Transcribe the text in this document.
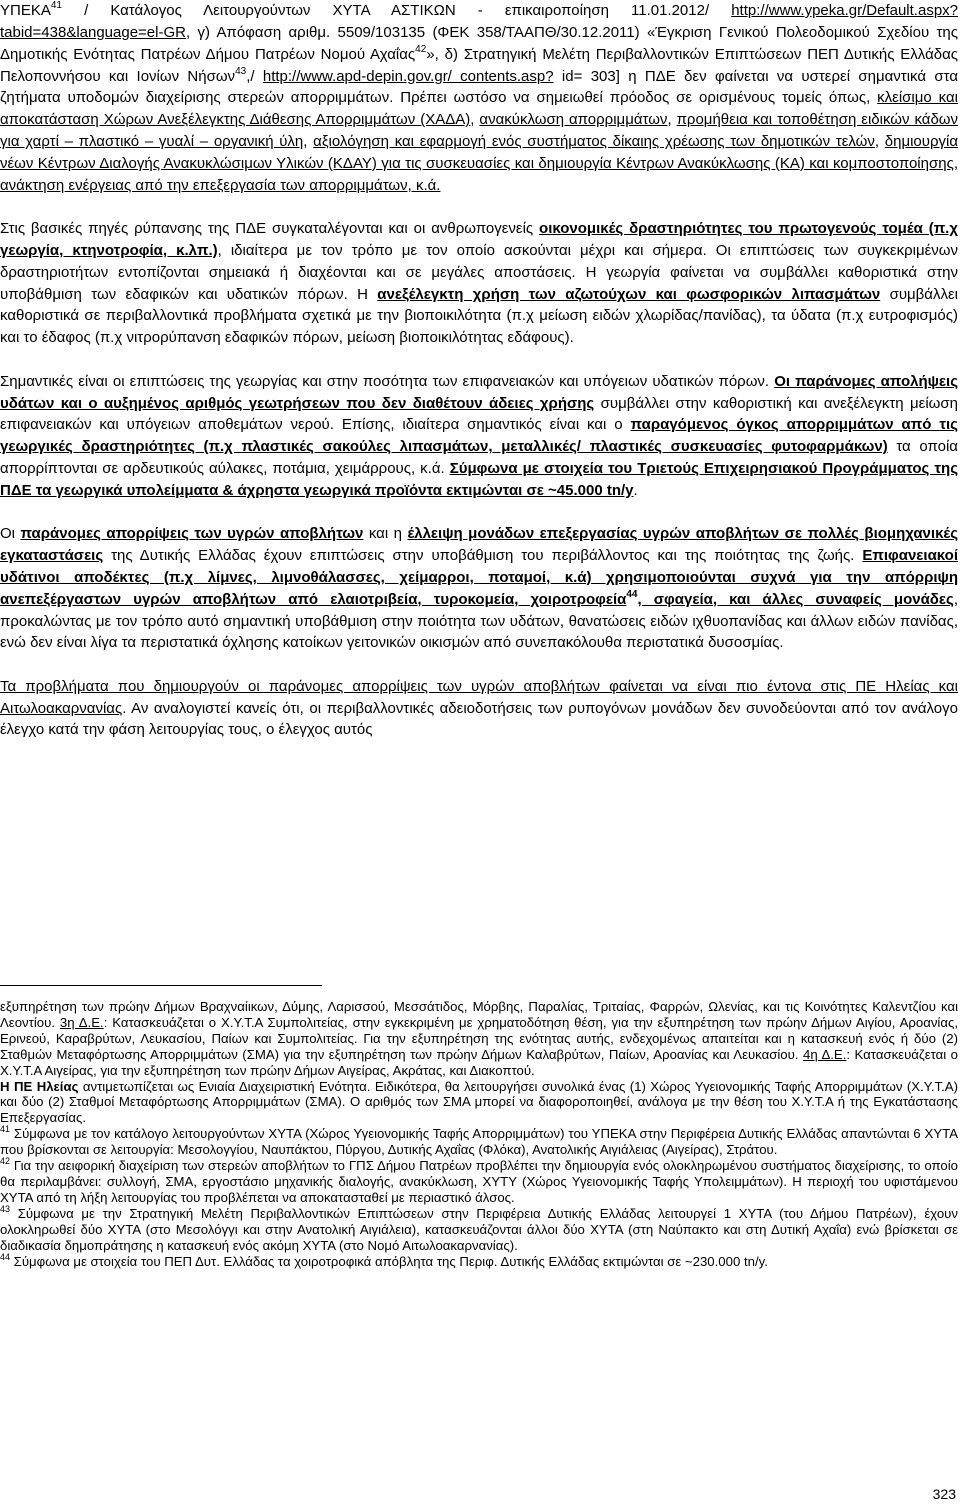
ΥΠΕΚΑ$^{41}$ / Κατάλογος Λειτουργούντων ΧΥΤΑ ΑΣΤΙΚΩΝ - επικαιροποίηση 11.01.2012/ http://www.ypeka.gr/Default.aspx?tabid=438&language=el-GR, γ) Απόφαση αριθμ. 5509/103135 (ΦΕΚ 358/ΤΑΑΠΘ/30.12.2011) «Έγκριση Γενικού Πολεοδομικού Σχεδίου της Δημοτικής Ενότητας Πατρέων Δήμου Πατρέων Νομού Αχαΐας$^{42}$», δ) Στρατηγική Μελέτη Περιβαλλοντικών Επιπτώσεων ΠΕΠ Δυτικής Ελλάδας Πελοποννήσου και Ιονίων Νήσων$^{43}$,/ http://www.apd-depin.gov.gr/ contents.asp? id= 303] η ΠΔΕ δεν φαίνεται να υστερεί σημαντικά στα ζητήματα υποδομών διαχείρισης στερεών απορριμμάτων. Πρέπει ωστόσο να σημειωθεί πρόοδος σε ορισμένους τομείς όπως, κλείσιμο και αποκατάσταση Χώρων Ανεξέλεγκτης Διάθεσης Απορριμμάτων (ΧΑΔΑ), ανακύκλωση απορριμμάτων, προμήθεια και τοποθέτηση ειδικών κάδων για χαρτί – πλαστικό – γυαλί – οργανική ύλη, αξιολόγηση και εφαρμογή ενός συστήματος δίκαιης χρέωσης των δημοτικών τελών, δημιουργία νέων Κέντρων Διαλογής Ανακυκλώσιμων Υλικών (ΚΔΑΥ) για τις συσκευασίες και δημιουργία Κέντρων Ανακύκλωσης (ΚΑ) και κομποστοποίησης, ανάκτηση ενέργειας από την επεξεργασία των απορριμμάτων, κ.ά.

Στις βασικές πηγές ρύπανσης της ΠΔΕ συγκαταλέγονται και οι ανθρωπογενείς οικονομικές δραστηριότητες του πρωτογενούς τομέα (π.χ γεωργία, κτηνοτροφία, κ.λπ.), ιδιαίτερα με τον τρόπο με τον οποίο ασκούνται μέχρι και σήμερα. Οι επιπτώσεις των συγκεκριμένων δραστηριοτήτων εντοπίζονται σημειακά ή διαχέονται και σε μεγάλες αποστάσεις. Η γεωργία φαίνεται να συμβάλλει καθοριστικά στην υποβάθμιση των εδαφικών και υδατικών πόρων. Η ανεξέλεγκτη χρήση των αζωτούχων και φωσφορικών λιπασμάτων συμβάλλει καθοριστικά σε περιβαλλοντικά προβλήματα σχετικά με την βιοποικιλότητα (π.χ μείωση ειδών χλωρίδας/πανίδας), τα ύδατα (π.χ ευτροφισμός) και το έδαφος (π.χ νιτρορύπανση εδαφικών πόρων, μείωση βιοποικιλότητας εδάφους).

Σημαντικές είναι οι επιπτώσεις της γεωργίας και στην ποσότητα των επιφανειακών και υπόγειων υδατικών πόρων. Οι παράνομες απολήψεις υδάτων και ο αυξημένος αριθμός γεωτρήσεων που δεν διαθέτουν άδειες χρήσης συμβάλλει στην καθοριστική και ανεξέλεγκτη μείωση επιφανειακών και υπόγειων αποθεμάτων νερού. Επίσης, ιδιαίτερα σημαντικός είναι και ο παραγόμενος όγκος απορριμμάτων από τις γεωργικές δραστηριότητες (π.χ πλαστικές σακούλες λιπασμάτων, μεταλλικές/ πλαστικές συσκευασίες φυτοφαρμάκων) τα οποία απορρίπτονται σε αρδευτικούς αύλακες, ποτάμια, χειμάρρους, κ.ά. Σύμφωνα με στοιχεία του Τριετούς Επιχειρησιακού Προγράμματος της ΠΔΕ τα γεωργικά υπολείμματα & άχρηστα γεωργικά προϊόντα εκτιμώνται σε ~45.000 tn/y.

Οι παράνομες απορρίψεις των υγρών αποβλήτων και η έλλειψη μονάδων επεξεργασίας υγρών αποβλήτων σε πολλές βιομηχανικές εγκαταστάσεις της Δυτικής Ελλάδας έχουν επιπτώσεις στην υποβάθμιση του περιβάλλοντος και της ποιότητας της ζωής. Επιφανειακοί υδάτινοι αποδέκτες (π.χ λίμνες, λιμνοθάλασσες, χείμαρροι, ποταμοί, κ.ά) χρησιμοποιούνται συχνά για την απόρριψη ανεπεξέργαστων υγρών αποβλήτων από ελαιοτριβεία, τυροκομεία, χοιροτροφεία$^{44}$, σφαγεία, και άλλες συναφείς μονάδες, προκαλώντας με τον τρόπο αυτό σημαντική υποβάθμιση στην ποιότητα των υδάτων, θανατώσεις ειδών ιχθυοπανίδας και άλλων ειδών πανίδας, ενώ δεν είναι λίγα τα περιστατικά όχλησης κατοίκων γειτονικών οικισμών από συνεπακόλουθα περιστατικά δυσοσμίας.

Τα προβλήματα που δημιουργούν οι παράνομες απορρίψεις των υγρών αποβλήτων φαίνεται να είναι πιο έντονα στις ΠΕ Ηλείας και Αιτωλοακαρνανίας. Αν αναλογιστεί κανείς ότι, οι περιβαλλοντικές αδειοδοτήσεις των ρυπογόνων μονάδων δεν συνοδεύονται από τον ανάλογο έλεγχο κατά την φάση λειτουργίας τους, ο έλεγχος αυτός

εξυπηρέτηση των πρώην Δήμων Βραχναίικων, Δύμης, Λαρισσού, Μεσσάτιδος, Μόρβης, Παραλίας, Τριταίας, Φαρρών, Ωλενίας, και τις Κοινότητες Καλεντζίου και Λεοντίου. 3η Δ.Ε.: Κατασκευάζεται ο Χ.Υ.Τ.Α Συμπολιτείας, στην εγκεκριμένη με χρηματοδότηση θέση, για την εξυπηρέτηση των πρώην Δήμων Αιγίου, Αροανίας, Ερινεού, Καραβρύτων, Λευκασίου, Παίων και Συμπολιτείας. Για την εξυπηρέτηση της ενότητας αυτής, ενδεχομένως απαιτείται και η κατασκευή ενός ή δύο (2) Σταθμών Μεταφόρτωσης Απορριμμάτων (ΣΜΑ) για την εξυπηρέτηση των πρώην Δήμων Καλαβρύτων, Παίων, Αροανίας και Λευκασίου. 4η Δ.Ε.: Κατασκευάζεται ο Χ.Υ.Τ.Α Αιγείρας, για την εξυπηρέτηση των πρώην Δήμων Αιγείρας, Ακράτας, και Διακοπτού.

Η ΠΕ Ηλείας αντιμετωπίζεται ως Ενιαία Διαχειριστική Ενότητα. Ειδικότερα, θα λειτουργήσει συνολικά ένας (1) Χώρος Υγειονομικής Ταφής Απορριμμάτων (Χ.Υ.Τ.Α) και δύο (2) Σταθμοί Μεταφόρτωσης Απορριμμάτων (ΣΜΑ). Ο αριθμός των ΣΜΑ μπορεί να διαφοροποιηθεί, ανάλογα με την θέση του Χ.Υ.Τ.Α ή της Εγκατάστασης Επεξεργασίας.

$^{41}$ Σύμφωνα με τον κατάλογο λειτουργούντων ΧΥΤΑ (Χώρος Υγειονομικής Ταφής Απορριμμάτων) του ΥΠΕΚΑ στην Περιφέρεια Δυτικής Ελλάδας απαντώνται 6 ΧΥΤΑ που βρίσκονται σε λειτουργία: Μεσολογγίου, Ναυπάκτου, Πύργου, Δυτικής Αχαΐας (Φλόκα), Ανατολικής Αιγιάλειας (Αιγείρας), Στράτου.

$^{42}$ Για την αειφορική διαχείριση των στερεών αποβλήτων το ΓΠΣ Δήμου Πατρέων προβλέπει την δημιουργία ενός ολοκληρωμένου συστήματος διαχείρισης, το οποίο θα περιλαμβάνει: συλλογή, ΣΜΑ, εργοστάσιο μηχανικής διαλογής, ανακύκλωση, ΧΥΤΥ (Χώρος Υγειονομικής Ταφής Υπολειμμάτων). Η περιοχή του υφιστάμενου ΧΥΤΑ από τη λήξη λειτουργίας του προβλέπεται να αποκατασταθεί με περιαστικό άλσος.

$^{43}$ Σύμφωνα με την Στρατηγική Μελέτη Περιβαλλοντικών Επιπτώσεων στην Περιφέρεια Δυτικής Ελλάδας λειτουργεί 1 ΧΥΤΑ (του Δήμου Πατρέων), έχουν ολοκληρωθεί δύο ΧΥΤΑ (στο Μεσολόγγι και στην Ανατολική Αιγιάλεια), κατασκευάζονται άλλοι δύο ΧΥΤΑ (στη Ναύπακτο και στη Δυτική Αχαΐα) ενώ βρίσκεται σε διαδικασία δημοπράτησης η κατασκευή ενός ακόμη ΧΥΤΑ (στο Νομό Αιτωλοακαρνανίας).

$^{44}$ Σύμφωνα με στοιχεία του ΠΕΠ Δυτ. Ελλάδας τα χοιροτροφικά απόβλητα της Περιφ. Δυτικής Ελλάδας εκτιμώνται σε ~230.000 tn/y.

323
